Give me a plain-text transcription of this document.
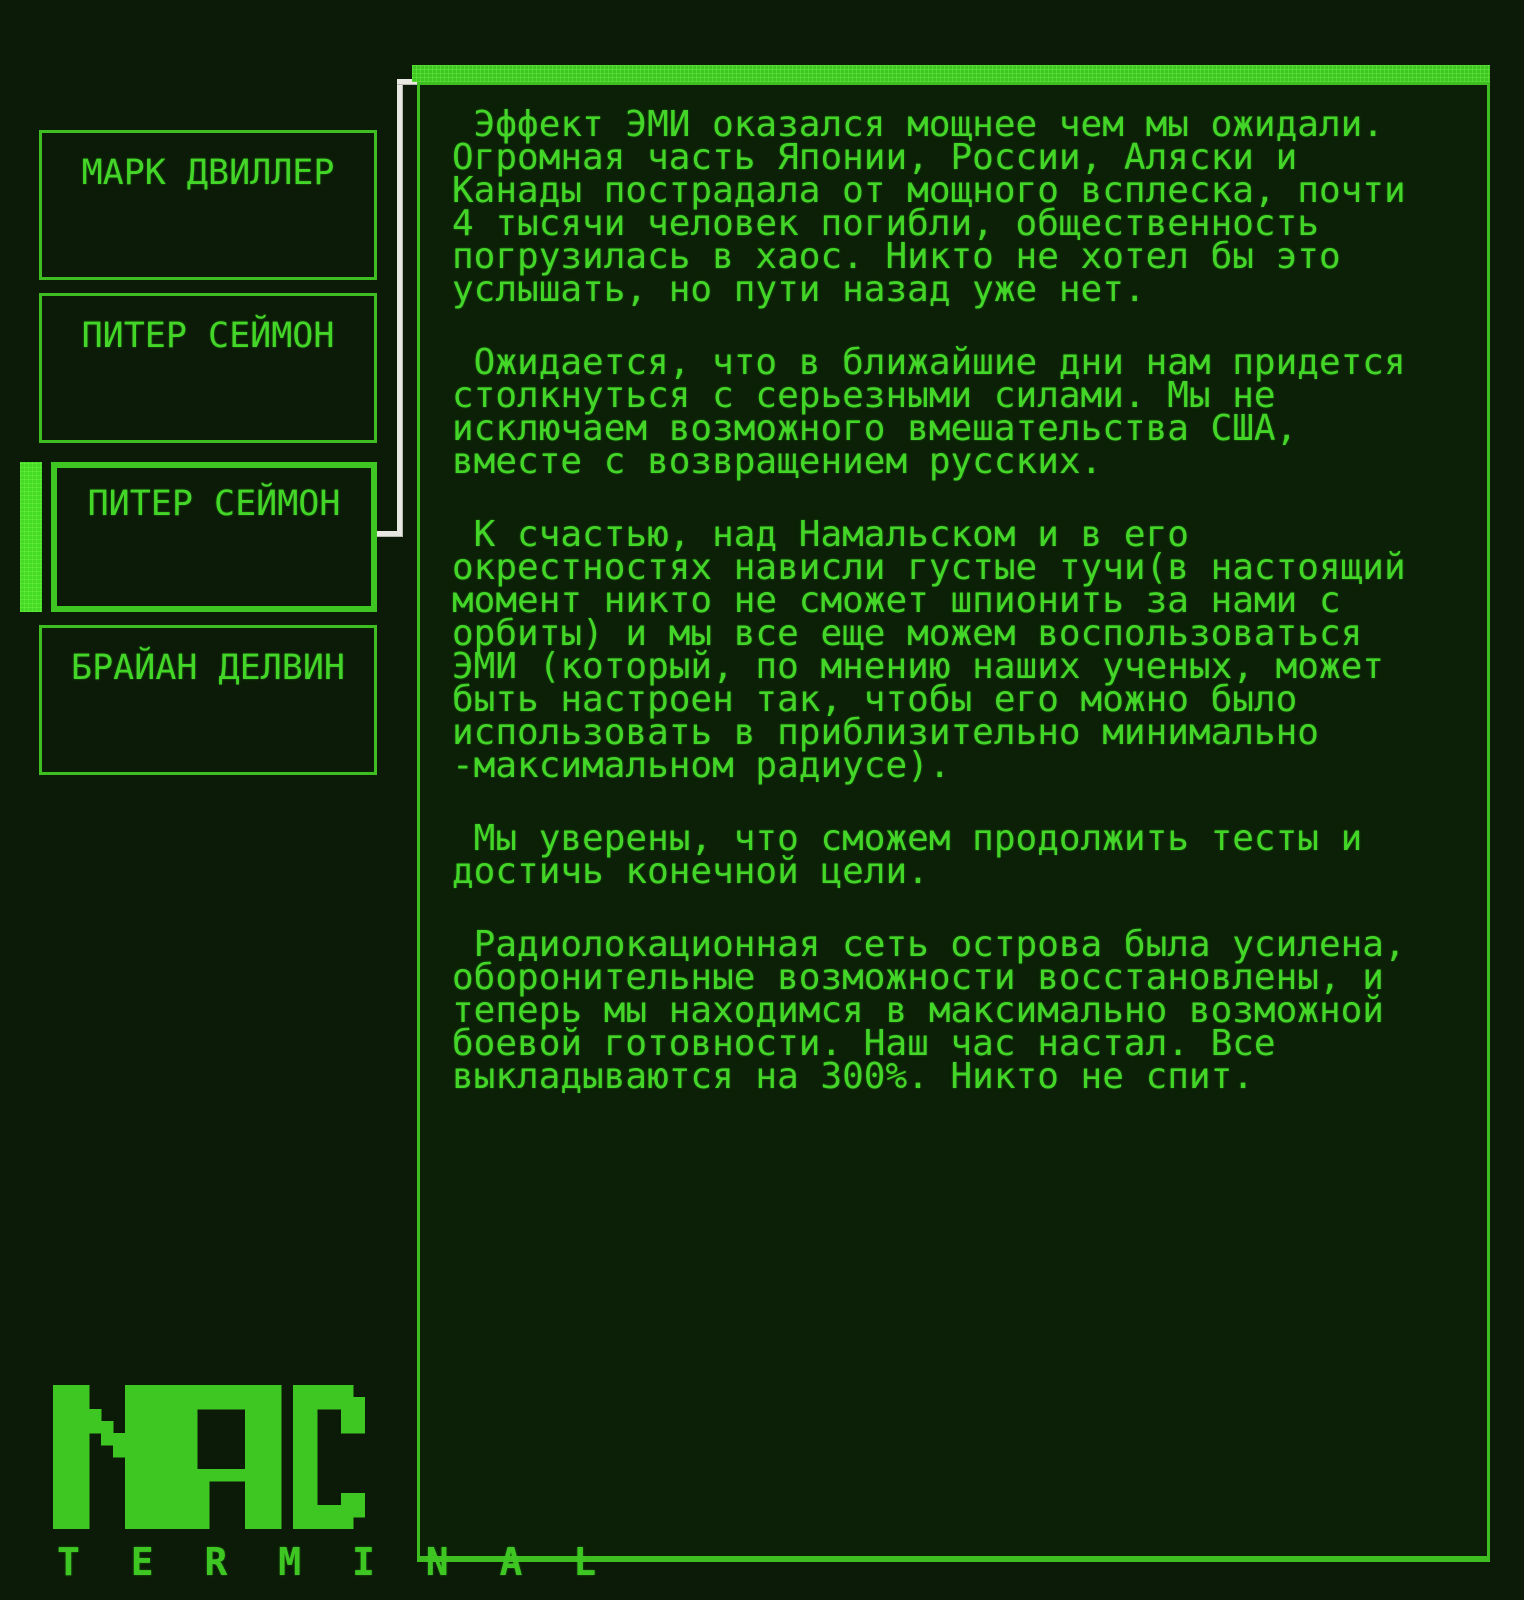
МАРК ДВИЛЛЕР
ПИТЕР СЕЙМОН
ПИТЕР СЕЙМОН
БРАЙАН ДЕЛВИН
Эффект ЭМИ оказался мощнее чем мы ожидали.
Огромная часть Японии, России, Аляски и
Канады пострадала от мощного всплеска, почти
4 тысячи человек погибли, общественность
погрузилась в хаос. Никто не хотел бы это
услышать, но пути назад уже нет.
Ожидается, что в ближайшие дни нам придется
столкнуться с серьезными силами. Мы не
исключаем возможного вмешательства США,
вместе с возвращением русских.
К счастью, над Намальском и в его
окрестностях нависли густые тучи(в настоящий
момент никто не сможет шпионить за нами с
орбиты) и мы все еще можем воспользоваться
ЭМИ (который, по мнению наших ученых, может
быть настроен так, чтобы его можно было
использовать в приблизительно минимально
-максимальном радиусе).
Мы уверены, что сможем продолжить тесты и
достичь конечной цели.
Радиолокационная сеть острова была усилена,
оборонительные возможности восстановлены, и
теперь мы находимся в максимально возможной
боевой готовности. Наш час настал. Все
выкладываются на 300%. Никто не спит.
T E R M I N A L
